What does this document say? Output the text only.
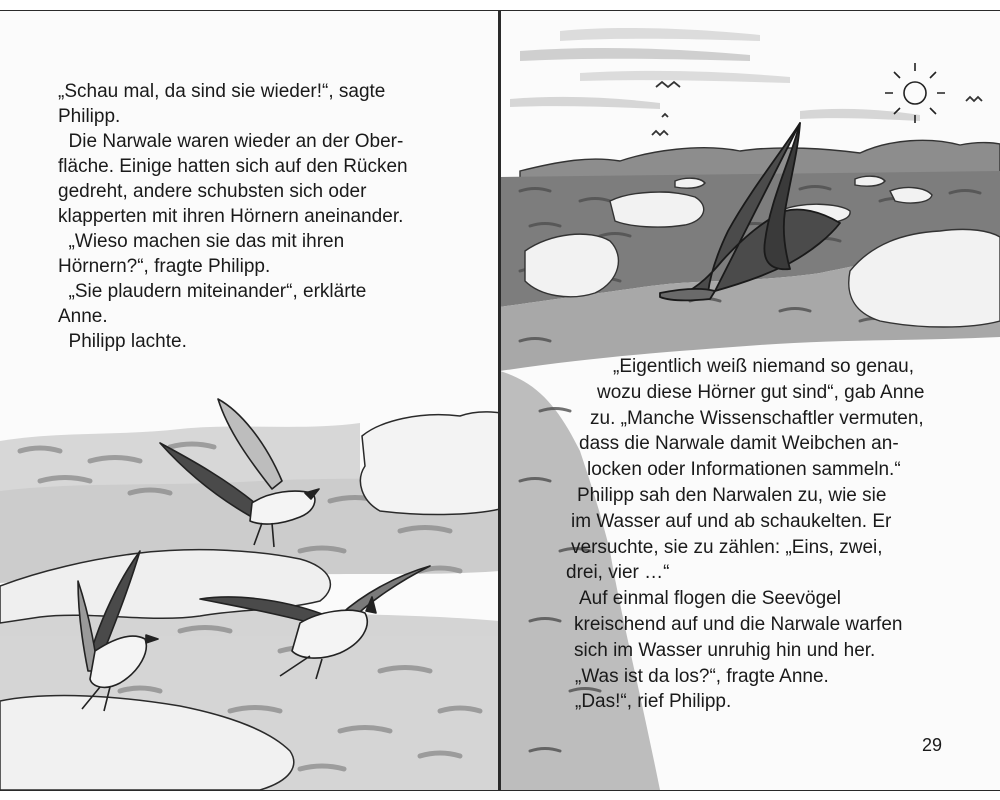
„Schau mal, da sind sie wieder!“, sagte

Philipp.

Die Narwale waren wieder an der Ober-

fläche. Einige hatten sich auf den Rücken

gedreht, andere schubsten sich oder

klapperten mit ihren Hörnern aneinander.

„Wieso machen sie das mit ihren

Hörnern?“, fragte Philipp.

„Sie plaudern miteinander“, erklärte

Anne.

Philipp lachte.

„Eigentlich weiß niemand so genau,
wozu diese Hörner gut sind“, gab Anne
zu. „Manche Wissenschaftler vermuten,
dass die Narwale damit Weibchen an-
locken oder Informationen sammeln.“
Philipp sah den Narwalen zu, wie sie
im Wasser auf und ab schaukelten. Er
versuchte, sie zu zählen: „Eins, zwei,
drei, vier …“
Auf einmal flogen die Seevögel
kreischend auf und die Narwale warfen
sich im Wasser unruhig hin und her.
„Was ist da los?“, fragte Anne.
„Das!“, rief Philipp.
29
